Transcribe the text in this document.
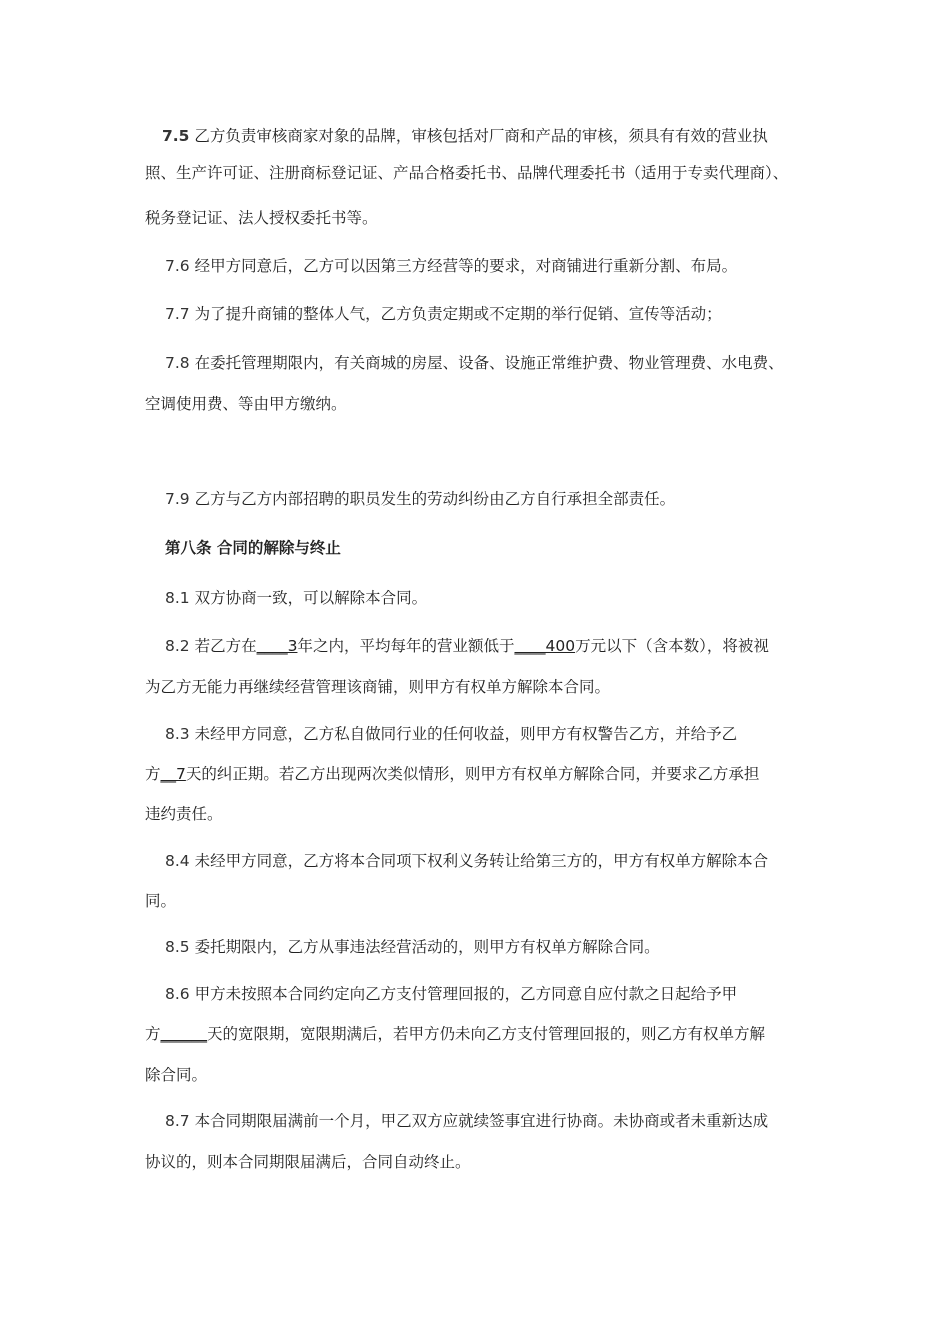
7.5 乙方负责审核商家对象的品牌，审核包括对厂商和产品的审核，须具有有效的营业执
照、生产许可证、注册商标登记证、产品合格委托书、品牌代理委托书（适用于专卖代理商）、
税务登记证、法人授权委托书等。
7.6 经甲方同意后，乙方可以因第三方经营等的要求，对商铺进行重新分割、布局。
7.7 为了提升商铺的整体人气，乙方负责定期或不定期的举行促销、宣传等活动；
7.8 在委托管理期限内，有关商城的房屋、设备、设施正常维护费、物业管理费、水电费、
空调使用费、等由甲方缴纳。
7.9 乙方与乙方内部招聘的职员发生的劳动纠纷由乙方自行承担全部责任。
第八条 合同的解除与终止
8.1 双方协商一致，可以解除本合同。
8.2 若乙方在____3年之内，平均每年的营业额低于____400万元以下（含本数），将被视
为乙方无能力再继续经营管理该商铺，则甲方有权单方解除本合同。
8.3 未经甲方同意，乙方私自做同行业的任何收益，则甲方有权警告乙方，并给予乙
方__7天的纠正期。若乙方出现两次类似情形，则甲方有权单方解除合同，并要求乙方承担
违约责任。
8.4 未经甲方同意，乙方将本合同项下权利义务转让给第三方的，甲方有权单方解除本合
同。
8.5 委托期限内，乙方从事违法经营活动的，则甲方有权单方解除合同。
8.6 甲方未按照本合同约定向乙方支付管理回报的，乙方同意自应付款之日起给予甲
方______天的宽限期，宽限期满后，若甲方仍未向乙方支付管理回报的，则乙方有权单方解
除合同。
8.7 本合同期限届满前一个月，甲乙双方应就续签事宜进行协商。未协商或者未重新达成
协议的，则本合同期限届满后，合同自动终止。
